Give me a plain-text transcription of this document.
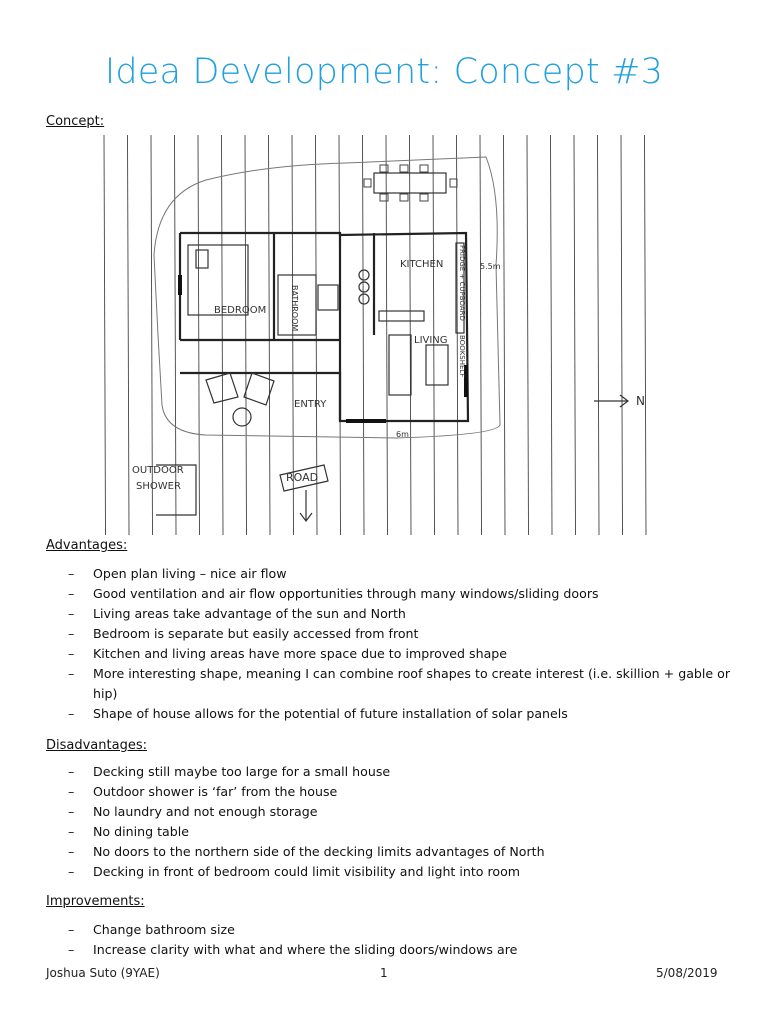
Idea Development: Concept #3
Concept:
BEDROOM	BATHROOM
KITCHEN
LIVING
ENTRY
FRIDGE + CUPBOARD
BOOKSHELF
OUTDOOR
SHOWER
ROAD
5.5m
6m
N
Advantages:
– Open plan living – nice air flow
– Good ventilation and air flow opportunities through many windows/sliding doors
– Living areas take advantage of the sun and North
– Bedroom is separate but easily accessed from front
– Kitchen and living areas have more space due to improved shape
– More interesting shape, meaning I can combine roof shapes to create interest (i.e. skillion + gable or hip)
– Shape of house allows for the potential of future installation of solar panels
Disadvantages:
– Decking still maybe too large for a small house
– Outdoor shower is ‘far’ from the house
– No laundry and not enough storage
– No dining table
– No doors to the northern side of the decking limits advantages of North
– Decking in front of bedroom could limit visibility and light into room
Improvements:
– Change bathroom size
– Increase clarity with what and where the sliding doors/windows are
Joshua Suto (9YAE)	1	5/08/2019
